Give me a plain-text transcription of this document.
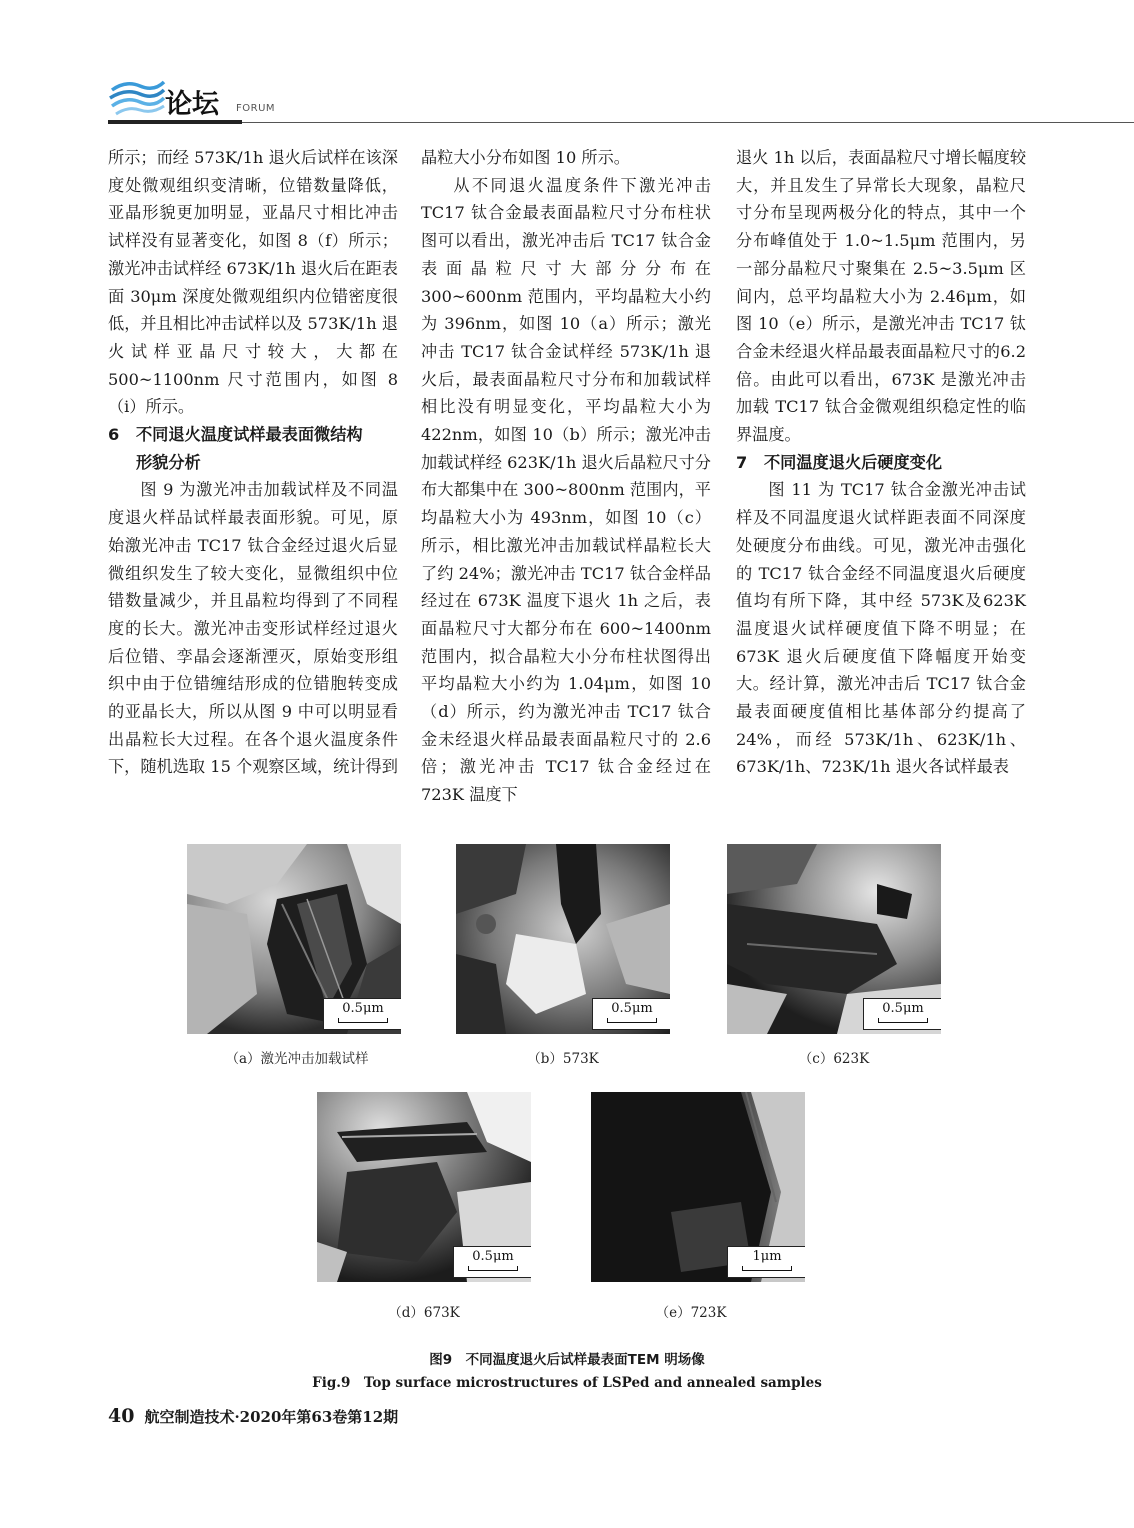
论坛 FORUM

所示；而经 573K/1h 退火后试样在该深度处微观组织变清晰，位错数量降低，亚晶形貌更加明显，亚晶尺寸相比冲击试样没有显著变化，如图 8（f）所示；激光冲击试样经 673K/1h 退火后在距表面 30μm 深度处微观组织内位错密度很低，并且相比冲击试样以及 573K/1h 退火试样亚晶尺寸较大，大都在 500~1100nm 尺寸范围内，如图 8（i）所示。

6 不同退火温度试样最表面微结构
形貌分析

图 9 为激光冲击加载试样及不同温度退火样品试样最表面形貌。可见，原始激光冲击 TC17 钛合金经过退火后显微组织发生了较大变化，显微组织中位错数量减少，并且晶粒均得到了不同程度的长大。激光冲击变形试样经过退火后位错、孪晶会逐渐湮灭，原始变形组织中由于位错缠结形成的位错胞转变成的亚晶长大，所以从图 9 中可以明显看出晶粒长大过程。在各个退火温度条件下，随机选取 15 个观察区域，统计得到

晶粒大小分布如图 10 所示。

从不同退火温度条件下激光冲击 TC17 钛合金最表面晶粒尺寸分布柱状图可以看出，激光冲击后 TC17 钛合金表面晶粒尺寸大部分分布在 300~600nm 范围内，平均晶粒大小约为 396nm，如图 10（a）所示；激光冲击 TC17 钛合金试样经 573K/1h 退火后，最表面晶粒尺寸分布和加载试样相比没有明显变化，平均晶粒大小为 422nm，如图 10（b）所示；激光冲击加载试样经 623K/1h 退火后晶粒尺寸分布大都集中在 300~800nm 范围内，平均晶粒大小为 493nm，如图 10（c）所示，相比激光冲击加载试样晶粒长大了约 24%；激光冲击 TC17 钛合金样品经过在 673K 温度下退火 1h 之后，表面晶粒尺寸大都分布在 600~1400nm 范围内，拟合晶粒大小分布柱状图得出平均晶粒大小约为 1.04μm，如图 10（d）所示，约为激光冲击 TC17 钛合金未经退火样品最表面晶粒尺寸的 2.6 倍；激光冲击 TC17 钛合金经过在 723K 温度下

退火 1h 以后，表面晶粒尺寸增长幅度较大，并且发生了异常长大现象，晶粒尺寸分布呈现两极分化的特点，其中一个分布峰值处于 1.0~1.5μm 范围内，另一部分晶粒尺寸聚集在 2.5~3.5μm 区间内，总平均晶粒大小为 2.46μm，如图 10（e）所示，是激光冲击 TC17 钛合金未经退火样品最表面晶粒尺寸的6.2 倍。由此可以看出，673K 是激光冲击加载 TC17 钛合金微观组织稳定性的临界温度。

7 不同温度退火后硬度变化

图 11 为 TC17 钛合金激光冲击试样及不同温度退火试样距表面不同深度处硬度分布曲线。可见，激光冲击强化的 TC17 钛合金经不同温度退火后硬度值均有所下降，其中经 573K及623K 温度退火试样硬度值下降不明显；在 673K 退火后硬度值下降幅度开始变大。经计算，激光冲击后 TC17 钛合金最表面硬度值相比基体部分约提高了 24%，而经 573K/1h、623K/1h、673K/1h、723K/1h 退火各试样最表

0.5μm
（a）激光冲击加载试样
0.5μm
（b）573K
0.5μm
（c）623K
0.5μm
（d）673K
1μm
（e）723K
图9　不同温度退火后试样最表面TEM 明场像
Fig.9　Top surface microstructures of LSPed and annealed samples
40 航空制造技术·2020年第63卷第12期
